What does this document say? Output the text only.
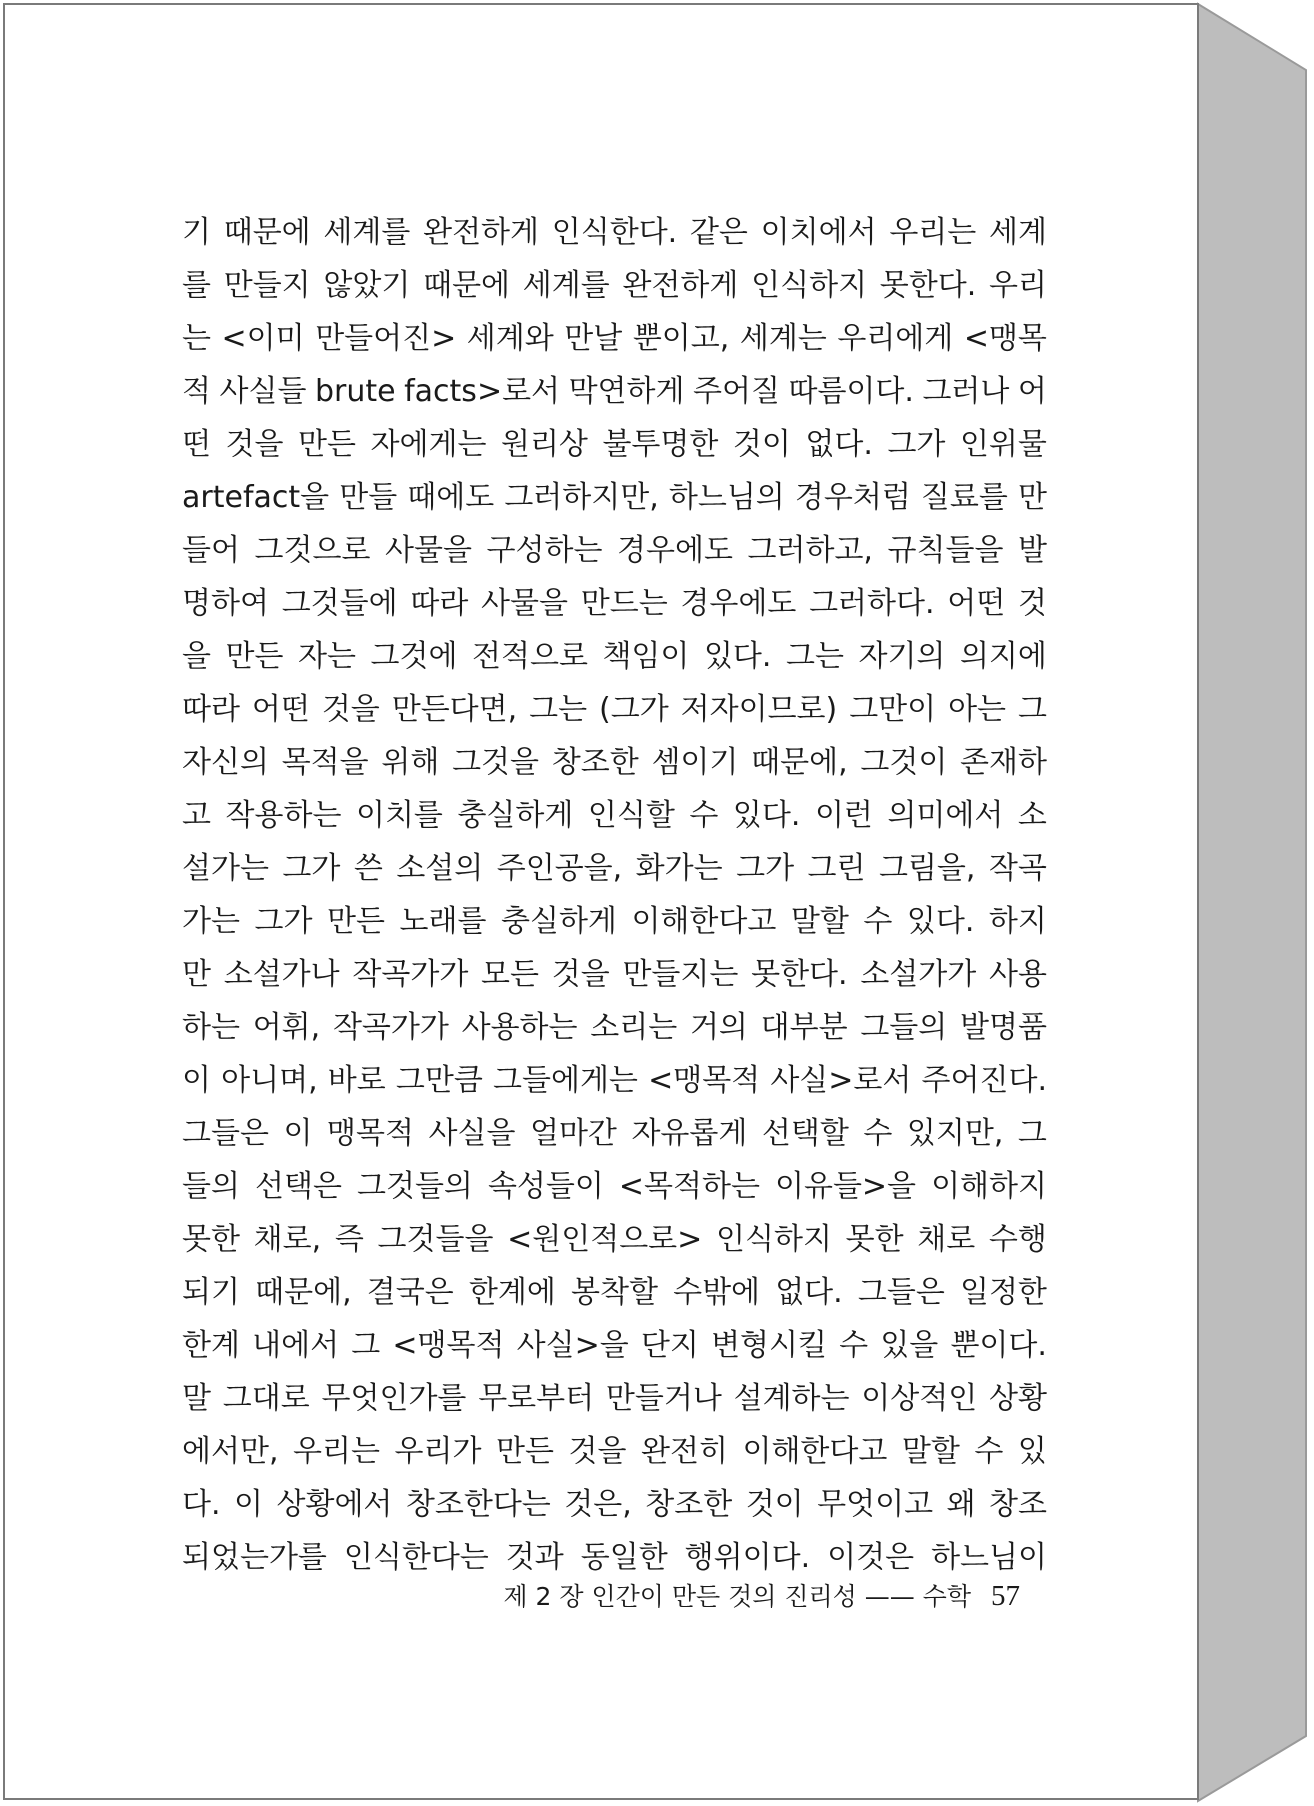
기 때문에 세계를 완전하게 인식한다. 같은 이치에서 우리는 세계
를 만들지 않았기 때문에 세계를 완전하게 인식하지 못한다. 우리
는 <이미 만들어진> 세계와 만날 뿐이고, 세계는 우리에게 <맹목
적 사실들 brute facts>로서 막연하게 주어질 따름이다. 그러나 어
떤 것을 만든 자에게는 원리상 불투명한 것이 없다. 그가 인위물
artefact을 만들 때에도 그러하지만, 하느님의 경우처럼 질료를 만
들어 그것으로 사물을 구성하는 경우에도 그러하고, 규칙들을 발
명하여 그것들에 따라 사물을 만드는 경우에도 그러하다. 어떤 것
을 만든 자는 그것에 전적으로 책임이 있다. 그는 자기의 의지에
따라 어떤 것을 만든다면, 그는 (그가 저자이므로) 그만이 아는 그
자신의 목적을 위해 그것을 창조한 셈이기 때문에, 그것이 존재하
고 작용하는 이치를 충실하게 인식할 수 있다. 이런 의미에서 소
설가는 그가 쓴 소설의 주인공을, 화가는 그가 그린 그림을, 작곡
가는 그가 만든 노래를 충실하게 이해한다고 말할 수 있다. 하지
만 소설가나 작곡가가 모든 것을 만들지는 못한다. 소설가가 사용
하는 어휘, 작곡가가 사용하는 소리는 거의 대부분 그들의 발명품
이 아니며, 바로 그만큼 그들에게는 <맹목적 사실>로서 주어진다.
그들은 이 맹목적 사실을 얼마간 자유롭게 선택할 수 있지만, 그
들의 선택은 그것들의 속성들이 <목적하는 이유들>을 이해하지
못한 채로, 즉 그것들을 <원인적으로> 인식하지 못한 채로 수행
되기 때문에, 결국은 한계에 봉착할 수밖에 없다. 그들은 일정한
한계 내에서 그 <맹목적 사실>을 단지 변형시킬 수 있을 뿐이다.
말 그대로 무엇인가를 무로부터 만들거나 설계하는 이상적인 상황
에서만, 우리는 우리가 만든 것을 완전히 이해한다고 말할 수 있
다. 이 상황에서 창조한다는 것은, 창조한 것이 무엇이고 왜 창조
되었는가를 인식한다는 것과 동일한 행위이다. 이것은 하느님이
제 2 장 인간이 만든 것의 진리성 —— 수학 57
